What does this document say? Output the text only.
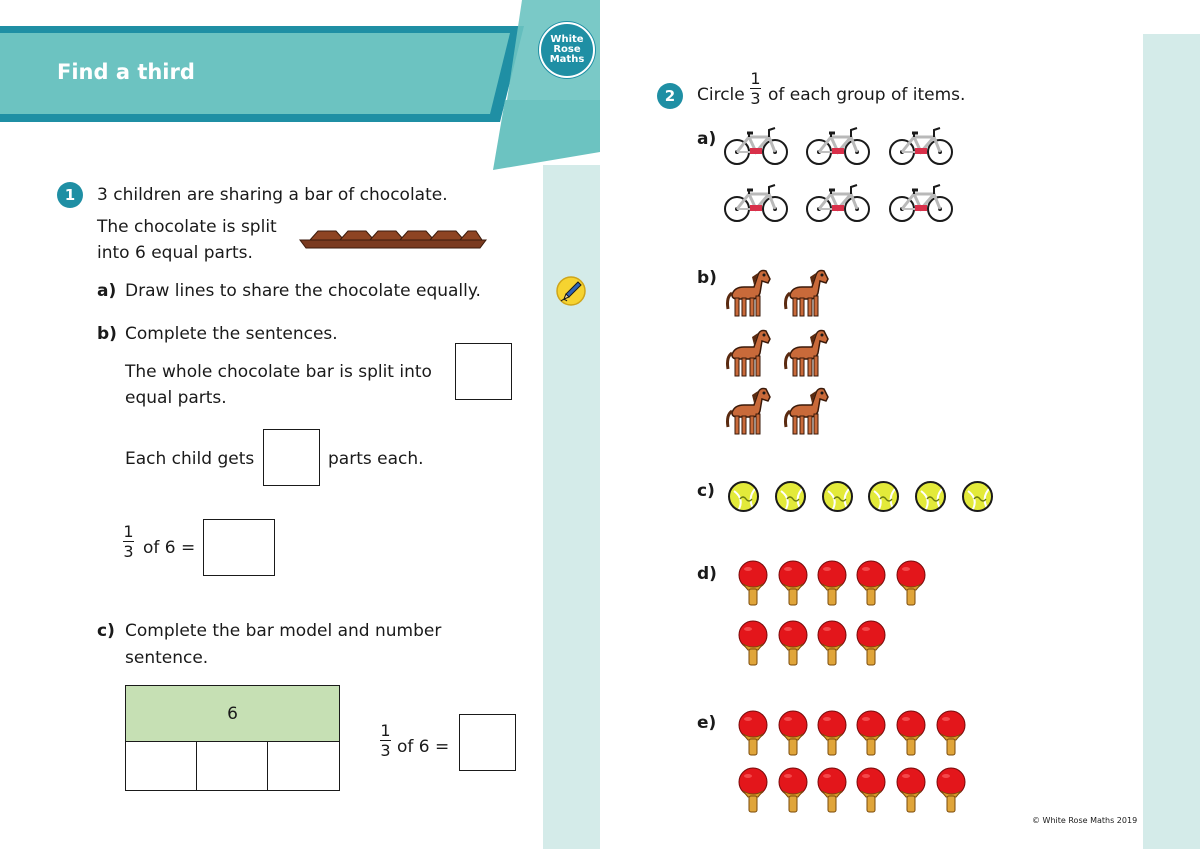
Find a third
White
Rose
Maths
1	3 children are sharing a bar of chocolate.
The chocolate is split
into 6 equal parts.
a) Draw lines to share the chocolate equally.
b) Complete the sentences.
The whole chocolate bar is split into
equal parts.
Each child gets	parts each.
1
3 of 6 =
c) Complete the bar model and number
sentence.
6
1
3 of 6 =
2	Circle
1
3 of each group of items.
a)
b)
c)
d)
e)
© White Rose Maths 2019
